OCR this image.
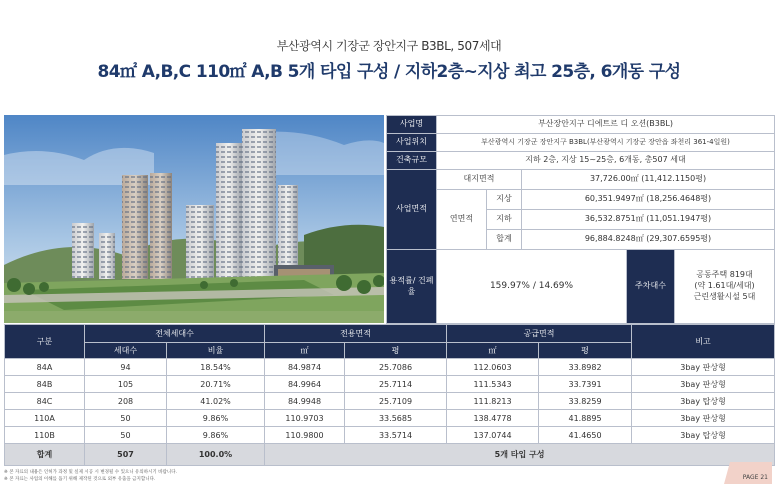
부산광역시 기장군 장안지구 B3BL, 507세대
84㎡ A,B,C 110㎡ A,B 5개 타입 구성 / 지하2층~지상 최고 25층, 6개동 구성
사업명	부산장안지구 디에트르 디 오션(B3BL)				
사업위치	부산광역시 기장군 장안지구 B3BL(부산광역시 기장군 장안읍 좌천리 361-4일원)				
건축규모	지하 2층, 지상 15~25층, 6개동, 총507 세대				
사업면적	대지면적		37,726.00㎡ (11,412.1150평)		
	연면적	지상	60,351.9497㎡ (18,256.4648평)		
		지하	36,532.8751㎡ (11,051.1947평)		
		합계	96,884.8248㎡ (29,307.6595평)		
용적률/ 건폐율	159.97% / 14.69%			주차대수	공동주택 819대
(약 1.61대/세대)
근린생활시설 5대
구분	전체세대수		전용면적		공급면적		비고
	세대수	비율	㎡	평	㎡	평	
84A	94	18.54%	84.9874	25.7086	112.0603	33.8982	3bay 판상형
84B	105	20.71%	84.9964	25.7114	111.5343	33.7391	3bay 판상형
84C	208	41.02%	84.9948	25.7109	111.8213	33.8259	3bay 탑상형
110A	50	9.86%	110.9703	33.5685	138.4778	41.8895	3bay 판상형
110B	50	9.86%	110.9800	33.5714	137.0744	41.4650	3bay 탑상형
합계	507	100.0%	5개 타입 구성				
※ 본 자료의 내용은 인허가 과정 및 실제 시공 시 변경될 수 있으니 유의하시기 바랍니다.
※ 본 자료는 사업의 이해를 돕기 위해 제작된 것으로 외부 유출을 금지합니다.	PAGE 21
